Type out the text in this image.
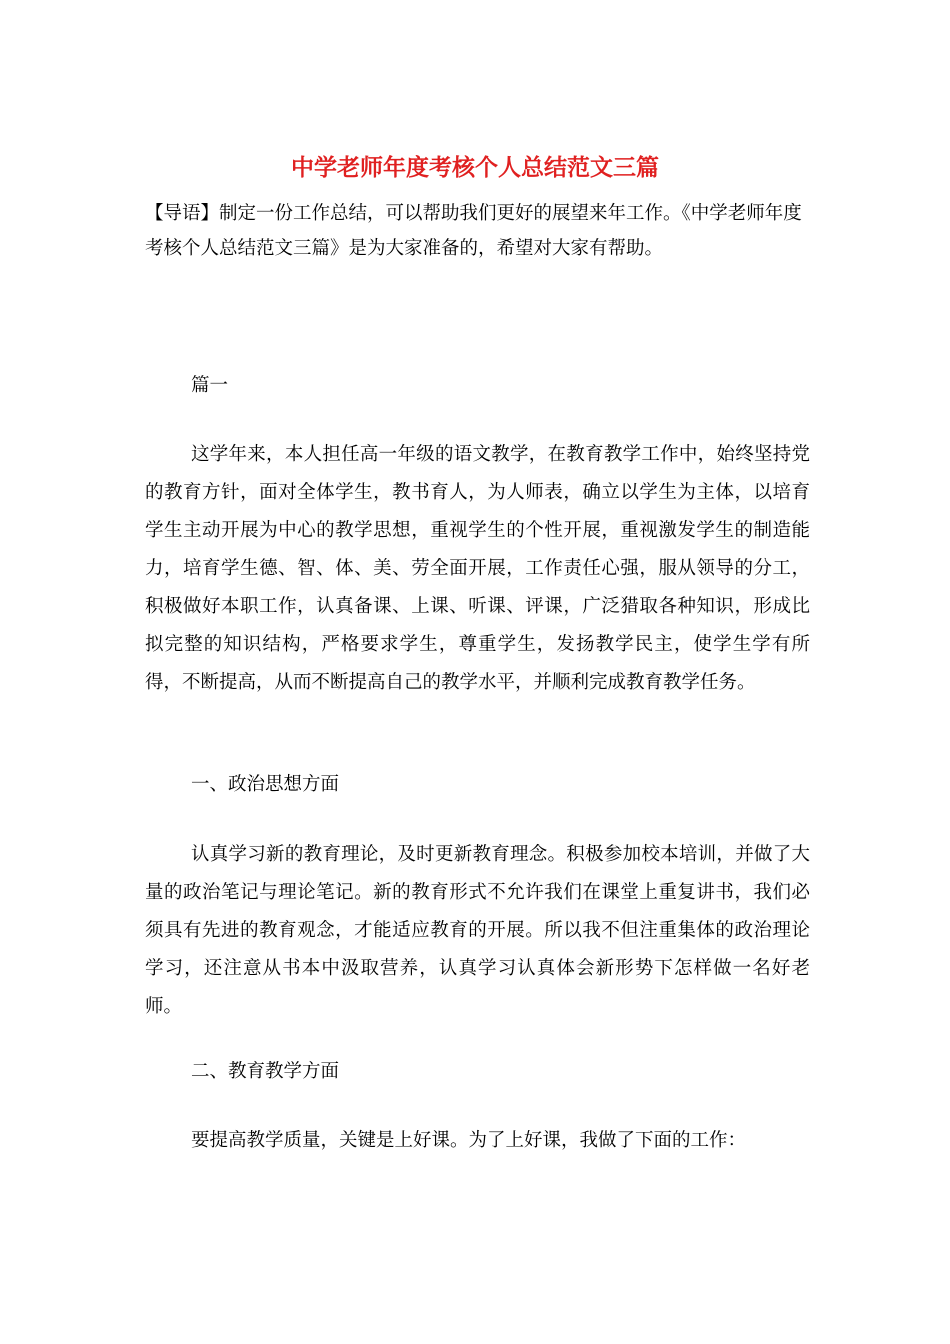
中学老师年度考核个人总结范文三篇

【导语】制定一份工作总结，可以帮助我们更好的展望来年工作。《中学老师年度考核个人总结范文三篇》是为大家准备的，希望对大家有帮助。

篇一

这学年来，本人担任高一年级的语文教学，在教育教学工作中，始终坚持党的教育方针，面对全体学生，教书育人，为人师表，确立以学生为主体，以培育学生主动开展为中心的教学思想，重视学生的个性开展，重视激发学生的制造能力，培育学生德、智、体、美、劳全面开展，工作责任心强，服从领导的分工，积极做好本职工作，认真备课、上课、听课、评课，广泛猎取各种知识，形成比拟完整的知识结构，严格要求学生，尊重学生，发扬教学民主，使学生学有所得，不断提高，从而不断提高自己的教学水平，并顺利完成教育教学任务。

一、政治思想方面

认真学习新的教育理论，及时更新教育理念。积极参加校本培训，并做了大量的政治笔记与理论笔记。新的教育形式不允许我们在课堂上重复讲书，我们必须具有先进的教育观念，才能适应教育的开展。所以我不但注重集体的政治理论学习，还注意从书本中汲取营养，认真学习认真体会新形势下怎样做一名好老师。

二、教育教学方面

要提高教学质量，关键是上好课。为了上好课，我做了下面的工作：
